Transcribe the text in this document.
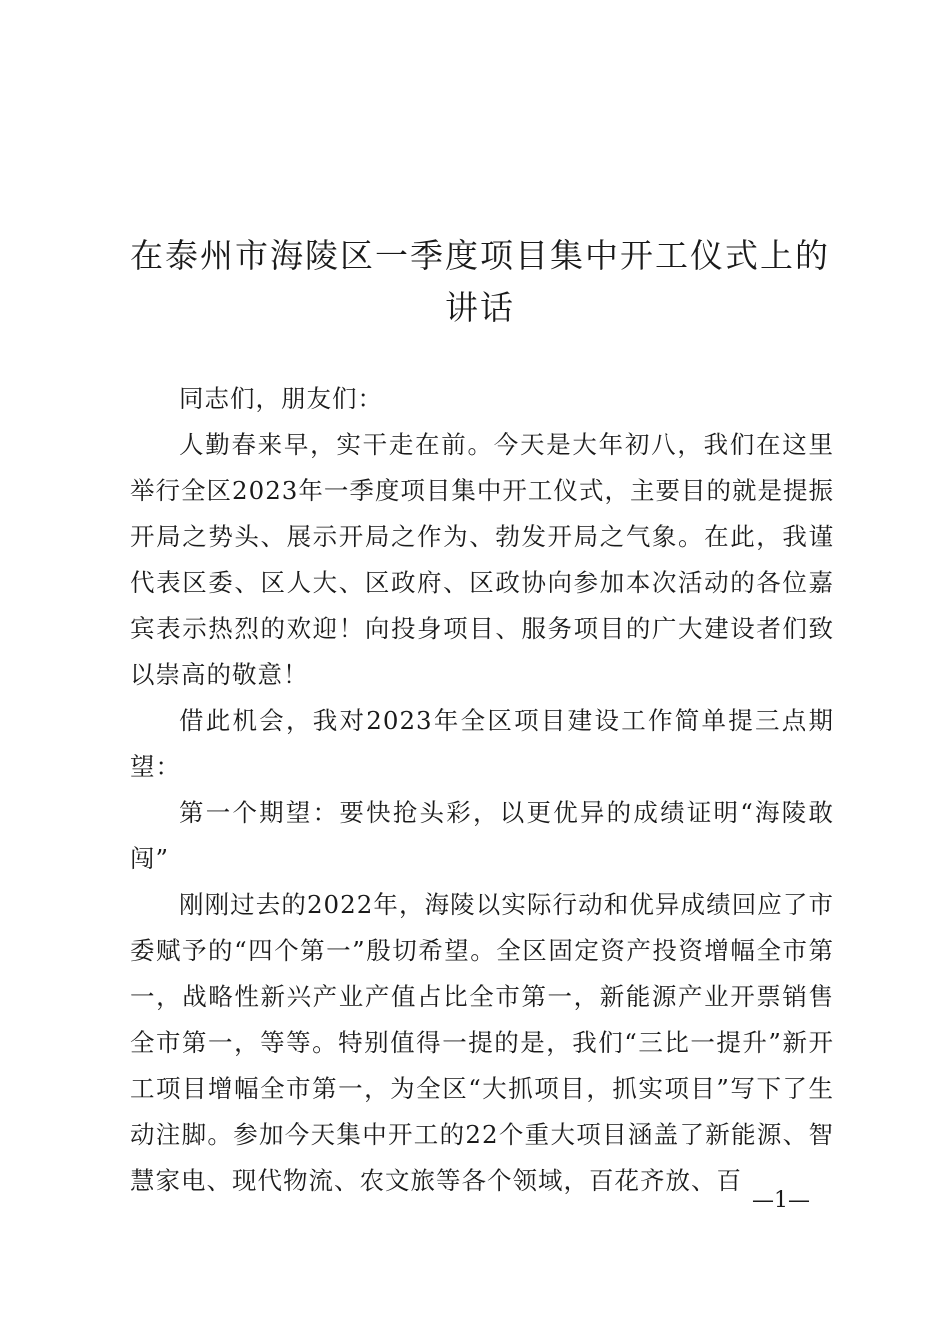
在泰州市海陵区一季度项目集中开工仪式上的讲话

同志们，朋友们：

人勤春来早，实干走在前。今天是大年初八，我们在这里举行全区2023年一季度项目集中开工仪式，主要目的就是提振开局之势头、展示开局之作为、勃发开局之气象。在此，我谨代表区委、区人大、区政府、区政协向参加本次活动的各位嘉宾表示热烈的欢迎！向投身项目、服务项目的广大建设者们致以崇高的敬意！

借此机会，我对2023年全区项目建设工作简单提三点期望：

第一个期望：要快抢头彩，以更优异的成绩证明“海陵敢闯”

刚刚过去的2022年，海陵以实际行动和优异成绩回应了市委赋予的“四个第一”殷切希望。全区固定资产投资增幅全市第一，战略性新兴产业产值占比全市第一，新能源产业开票销售全市第一，等等。特别值得一提的是，我们“三比一提升”新开工项目增幅全市第一，为全区“大抓项目，抓实项目”写下了生动注脚。参加今天集中开工的22个重大项目涵盖了新能源、智慧家电、现代物流、农文旅等各个领域，百花齐放、百

—1—
